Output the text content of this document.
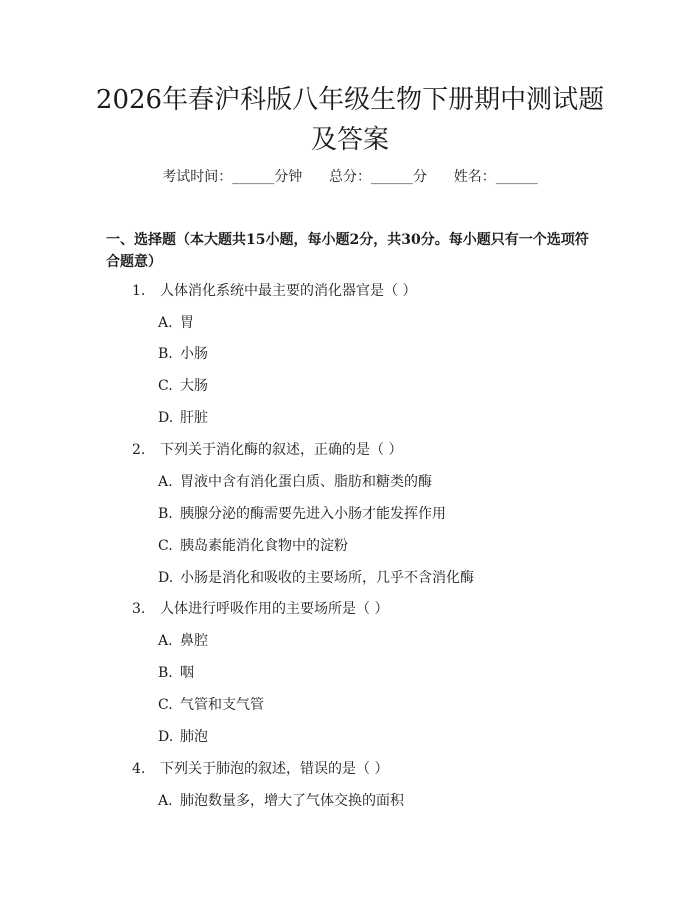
2026年春沪科版八年级生物下册期中测试题
及答案
考试时间：______分钟      总分：______分      姓名：______
一、选择题（本大题共15小题，每小题2分，共30分。每小题只有一个选项符
合题意）
1. 人体消化系统中最主要的消化器官是（ ）
A. 胃
B. 小肠
C. 大肠
D. 肝脏
2. 下列关于消化酶的叙述，正确的是（ ）
A. 胃液中含有消化蛋白质、脂肪和糖类的酶
B. 胰腺分泌的酶需要先进入小肠才能发挥作用
C. 胰岛素能消化食物中的淀粉
D. 小肠是消化和吸收的主要场所，几乎不含消化酶
3. 人体进行呼吸作用的主要场所是（ ）
A. 鼻腔
B. 咽
C. 气管和支气管
D. 肺泡
4. 下列关于肺泡的叙述，错误的是（ ）
A. 肺泡数量多，增大了气体交换的面积
